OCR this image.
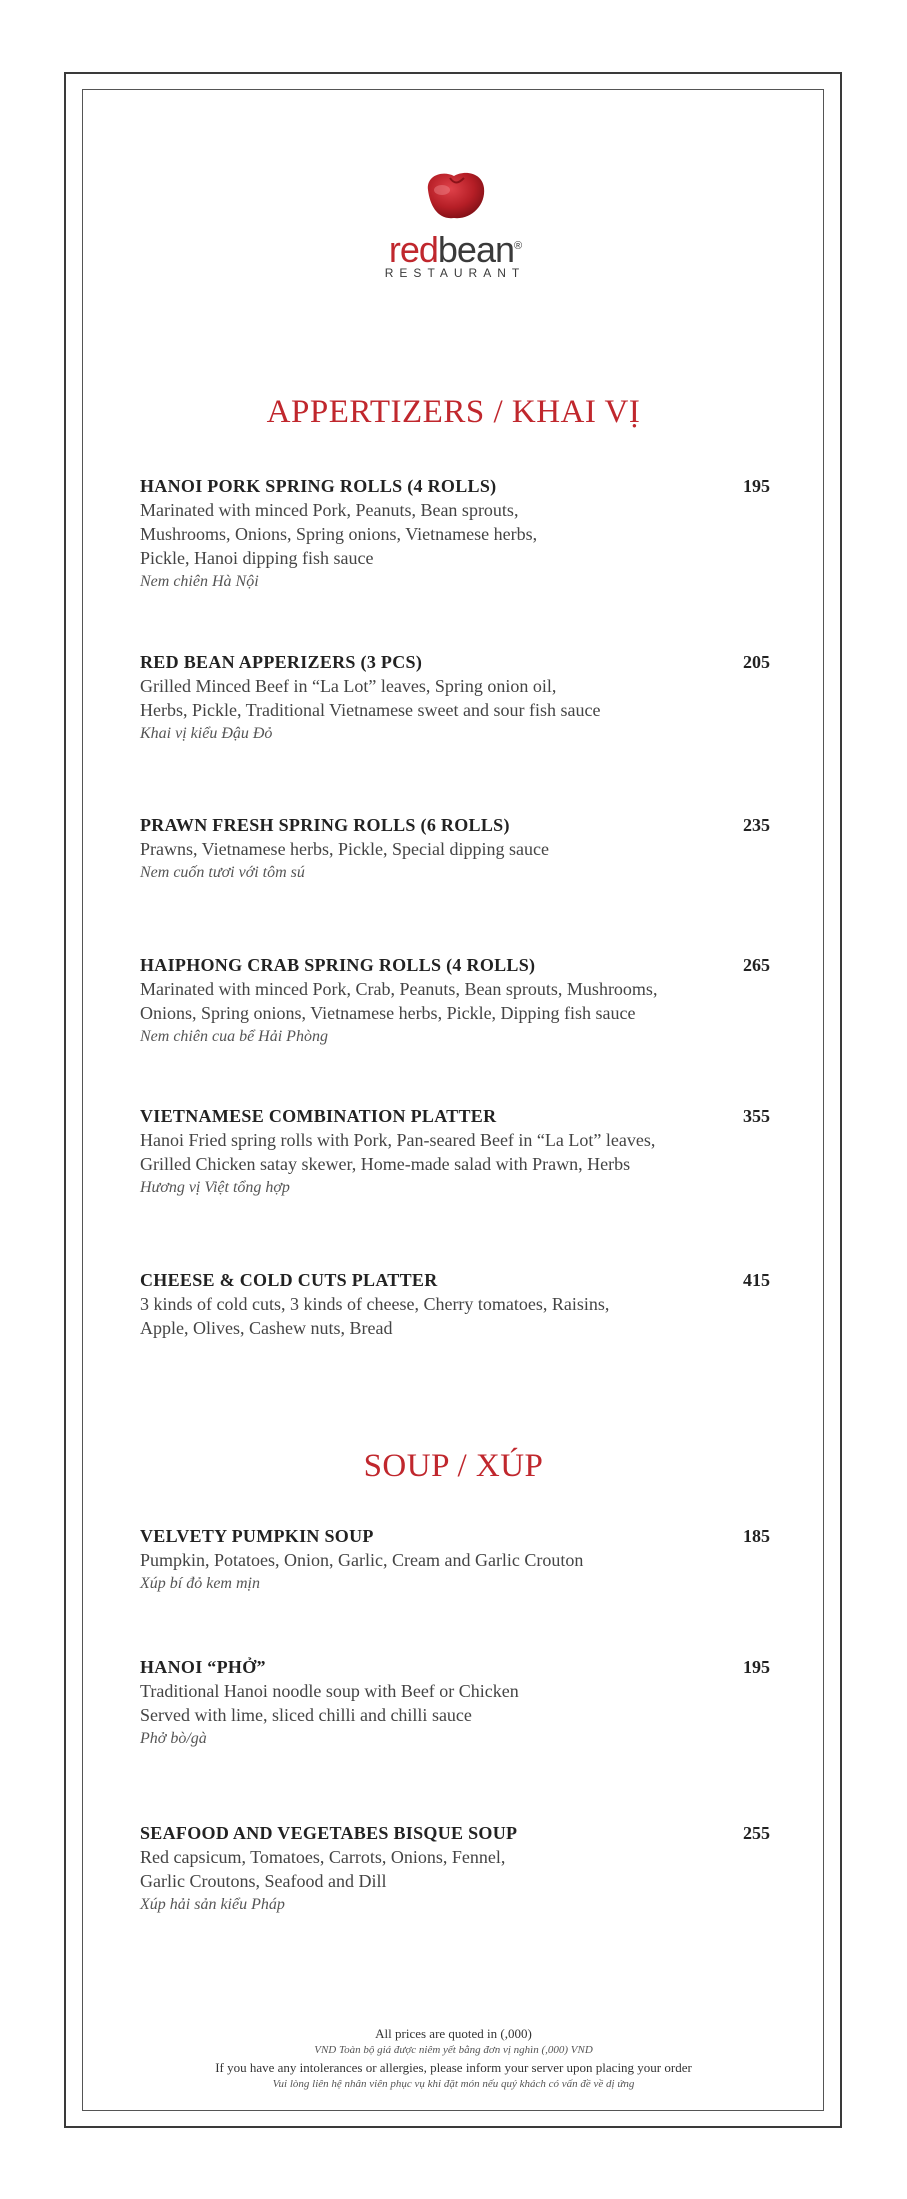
redbean®
RESTAURANT
APPERTIZERS / KHAI VỊ
HANOI PORK SPRING ROLLS (4 ROLLS)	195
Marinated with minced Pork, Peanuts, Bean sprouts,
Mushrooms, Onions, Spring onions, Vietnamese herbs,
Pickle, Hanoi dipping fish sauce
Nem chiên Hà Nội
RED BEAN APPERIZERS (3 PCS)	205
Grilled Minced Beef in “La Lot” leaves, Spring onion oil,
Herbs, Pickle, Traditional Vietnamese sweet and sour fish sauce
Khai vị kiểu Đậu Đỏ
PRAWN FRESH SPRING ROLLS (6 ROLLS)	235
Prawns, Vietnamese herbs, Pickle, Special dipping sauce
Nem cuốn tươi với tôm sú
HAIPHONG CRAB SPRING ROLLS (4 ROLLS)	265
Marinated with minced Pork, Crab, Peanuts, Bean sprouts, Mushrooms,
Onions, Spring onions, Vietnamese herbs, Pickle, Dipping fish sauce
Nem chiên cua bể Hải Phòng
VIETNAMESE COMBINATION PLATTER	355
Hanoi Fried spring rolls with Pork, Pan-seared Beef in “La Lot” leaves,
Grilled Chicken satay skewer, Home-made salad with Prawn, Herbs
Hương vị Việt tổng hợp
CHEESE & COLD CUTS PLATTER	415
3 kinds of cold cuts, 3 kinds of cheese, Cherry tomatoes, Raisins,
Apple, Olives, Cashew nuts, Bread
SOUP / XÚP
VELVETY PUMPKIN SOUP	185
Pumpkin, Potatoes, Onion, Garlic, Cream and Garlic Crouton
Xúp bí đỏ kem mịn
HANOI “PHỞ”	195
Traditional Hanoi noodle soup with Beef or Chicken
Served with lime, sliced chilli and chilli sauce
Phở bò/gà
SEAFOOD AND VEGETABES BISQUE SOUP	255
Red capsicum, Tomatoes, Carrots, Onions, Fennel,
Garlic Croutons, Seafood and Dill
Xúp hải sản kiểu Pháp
All prices are quoted in (,000)
VND Toàn bộ giá được niêm yết bằng đơn vị nghìn (,000) VND
If you have any intolerances or allergies, please inform your server upon placing your order
Vui lòng liên hệ nhân viên phục vụ khi đặt món nếu quý khách có vấn đề về dị ứng
